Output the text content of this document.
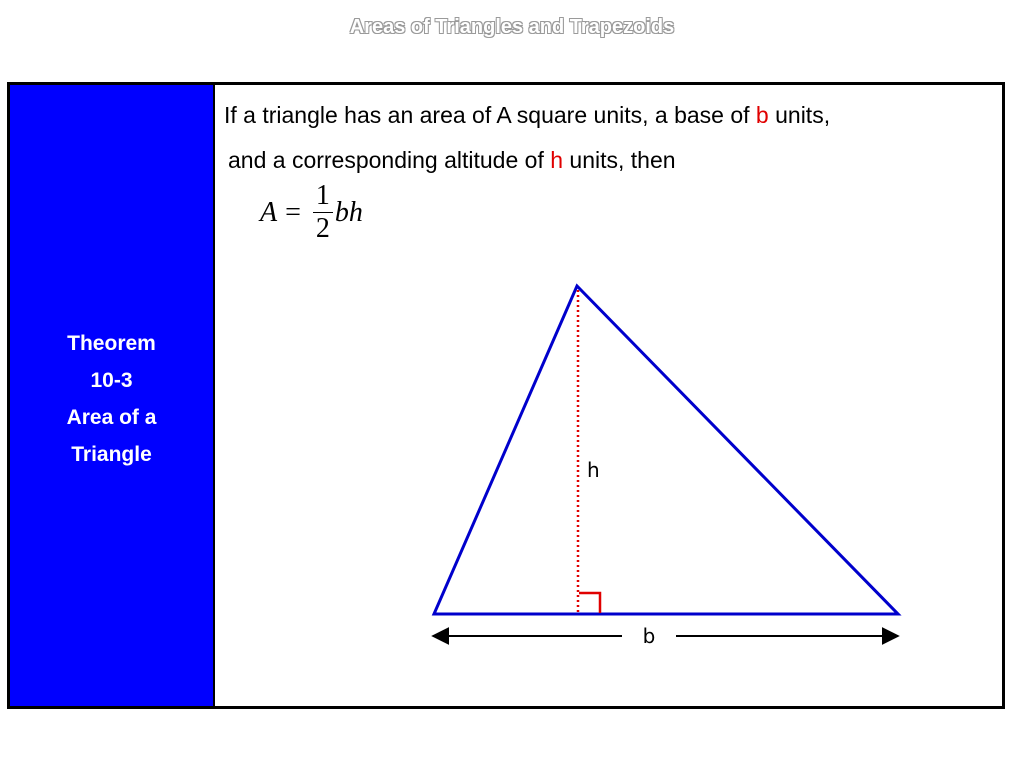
Areas of Triangles and Trapezoids
Theorem
10-3
Area of a
Triangle
If a triangle has an area of A square units, a base of b units,
and a corresponding altitude of h units, then
$A = \frac{1}{2}$ bh
h
b
